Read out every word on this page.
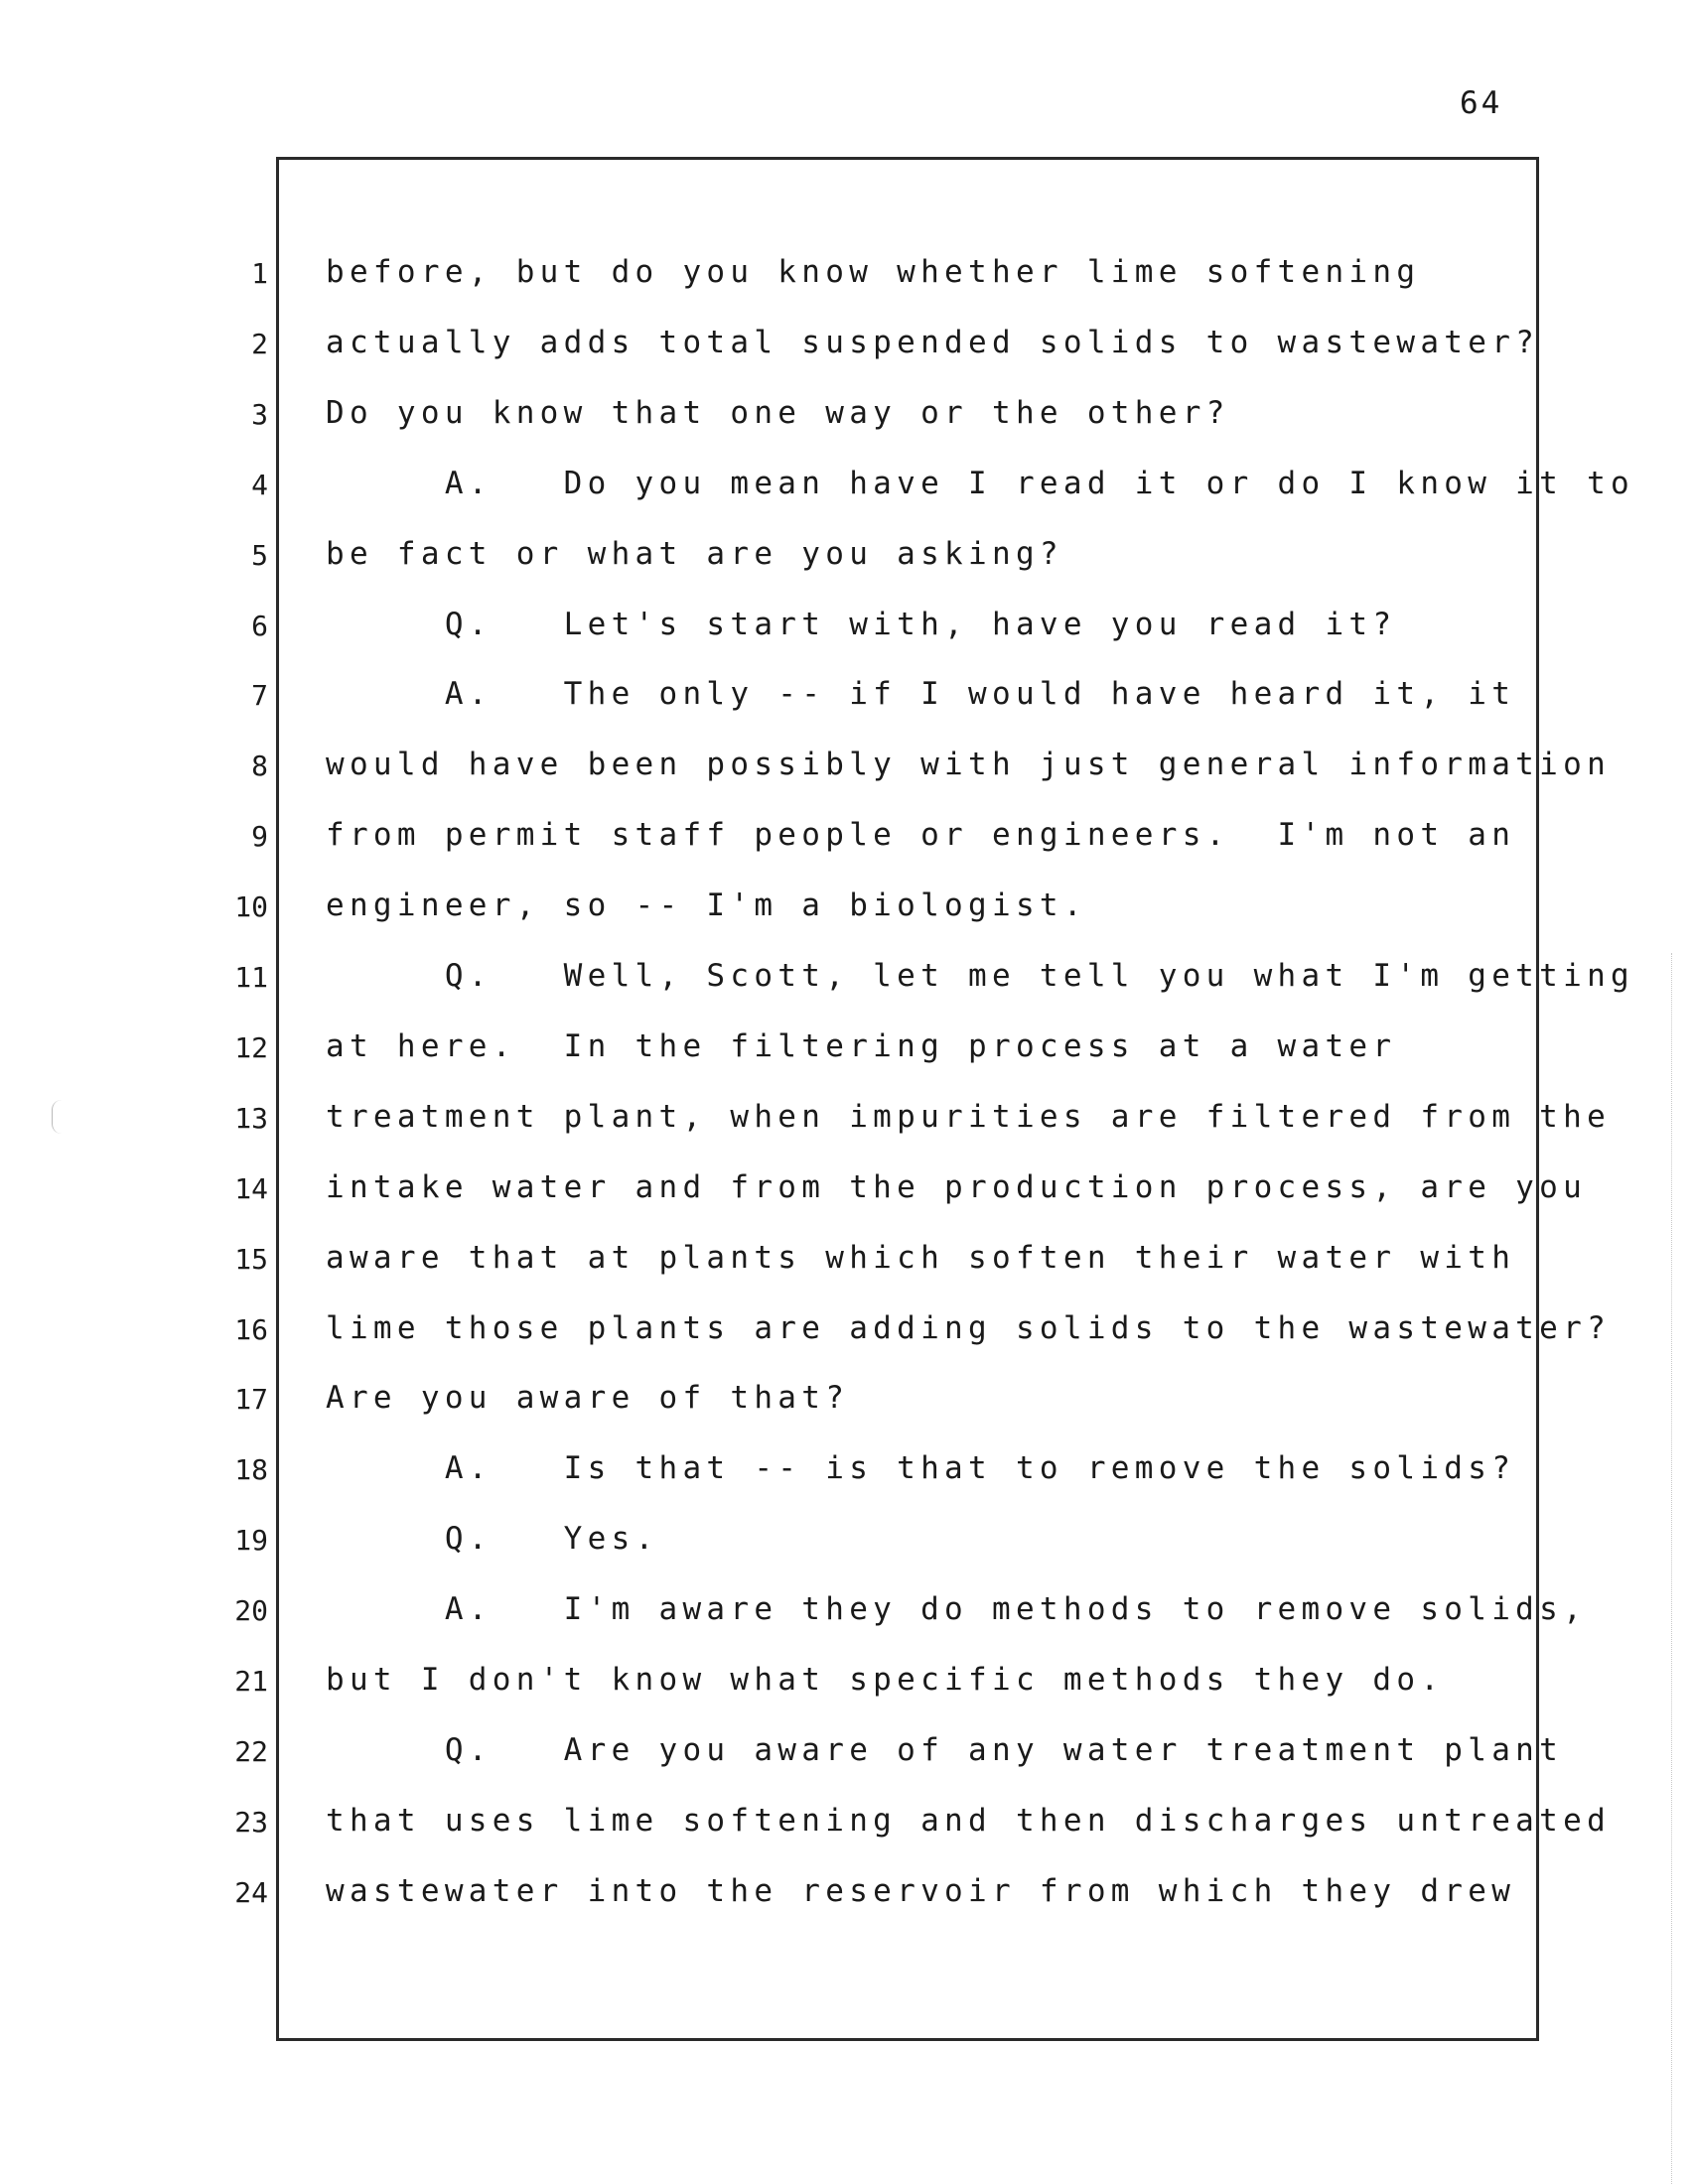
64
1 before, but do you know whether lime softening
2 actually adds total suspended solids to wastewater?
3 Do you know that one way or the other?
4 A.   Do you mean have I read it or do I know it to
5 be fact or what are you asking?
6 Q.   Let's start with, have you read it?
7 A.   The only -- if I would have heard it, it
8 would have been possibly with just general information
9 from permit staff people or engineers.  I'm not an
10 engineer, so -- I'm a biologist.
11 Q.   Well, Scott, let me tell you what I'm getting
12 at here.  In the filtering process at a water
13 treatment plant, when impurities are filtered from the
14 intake water and from the production process, are you
15 aware that at plants which soften their water with
16 lime those plants are adding solids to the wastewater?
17 Are you aware of that?
18 A.   Is that -- is that to remove the solids?
19 Q.   Yes.
20 A.   I'm aware they do methods to remove solids,
21 but I don't know what specific methods they do.
22 Q.   Are you aware of any water treatment plant
23 that uses lime softening and then discharges untreated
24 wastewater into the reservoir from which they drew
